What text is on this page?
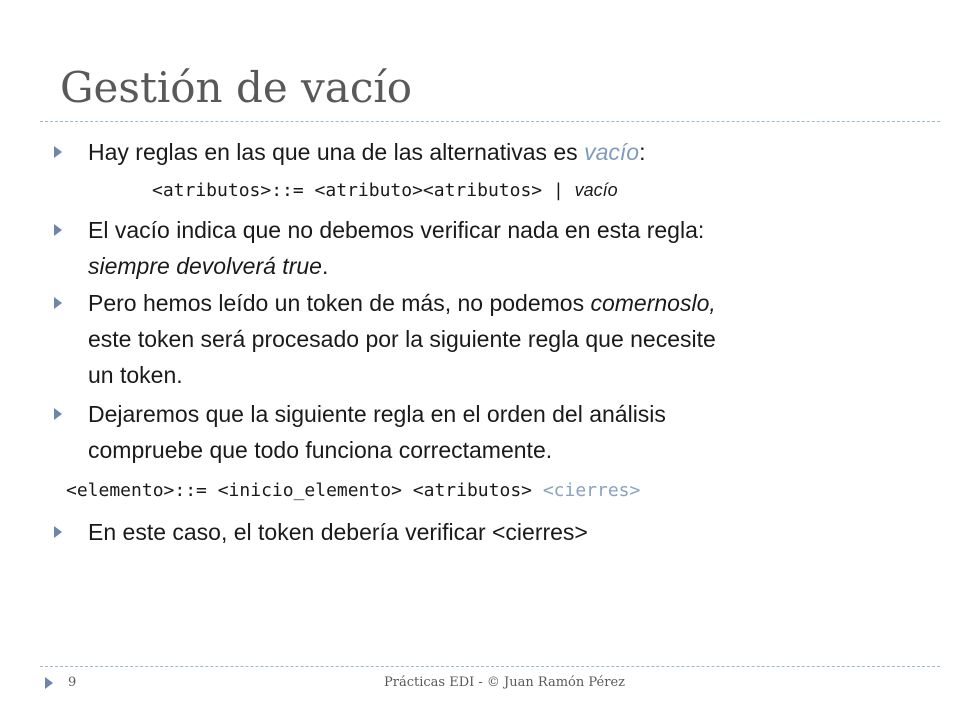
Gestión de vacío
Hay reglas en las que una de las alternativas es vacío:
<atributos>::= <atributo><atributos> | vacío
El vacío indica que no debemos verificar nada en esta regla:
siempre devolverá true.
Pero hemos leído un token de más, no podemos comernoslo,
este token será procesado por la siguiente regla que necesite
un token.
Dejaremos que la siguiente regla en el orden del análisis
compruebe que todo funciona correctamente.
<elemento>::= <inicio_elemento> <atributos> <cierres>
En este caso, el token debería verificar <cierres>
9	Prácticas EDI - © Juan Ramón Pérez
